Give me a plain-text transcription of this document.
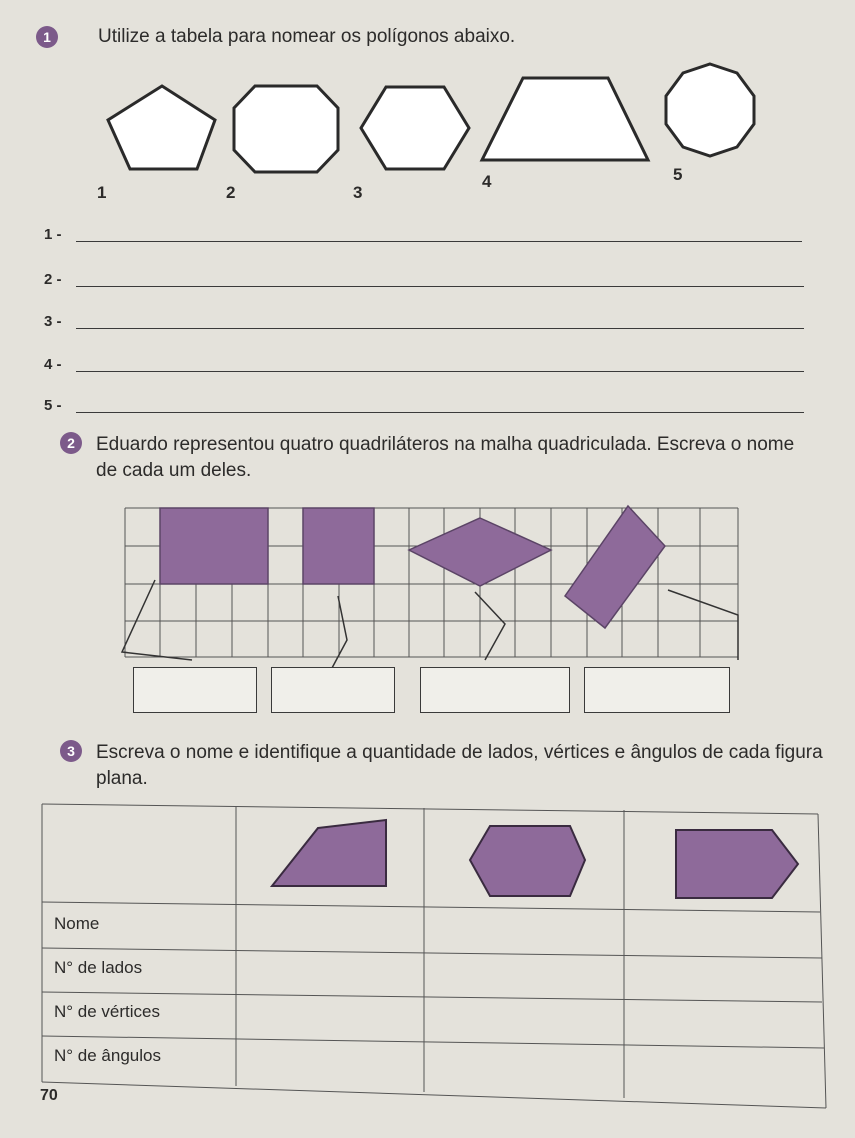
1	Utilize a tabela para nomear os polígonos abaixo.
1	2	3
4	5
1 -
2 -
3 -
4 -
5 -
2	Eduardo representou quatro quadriláteros na malha quadriculada. Escreva o nome de cada um deles.
3	Escreva o nome e identifique a quantidade de lados, vértices e ângulos de cada figura plana.
Nome
N° de lados
N° de vértices
N° de ângulos
70
